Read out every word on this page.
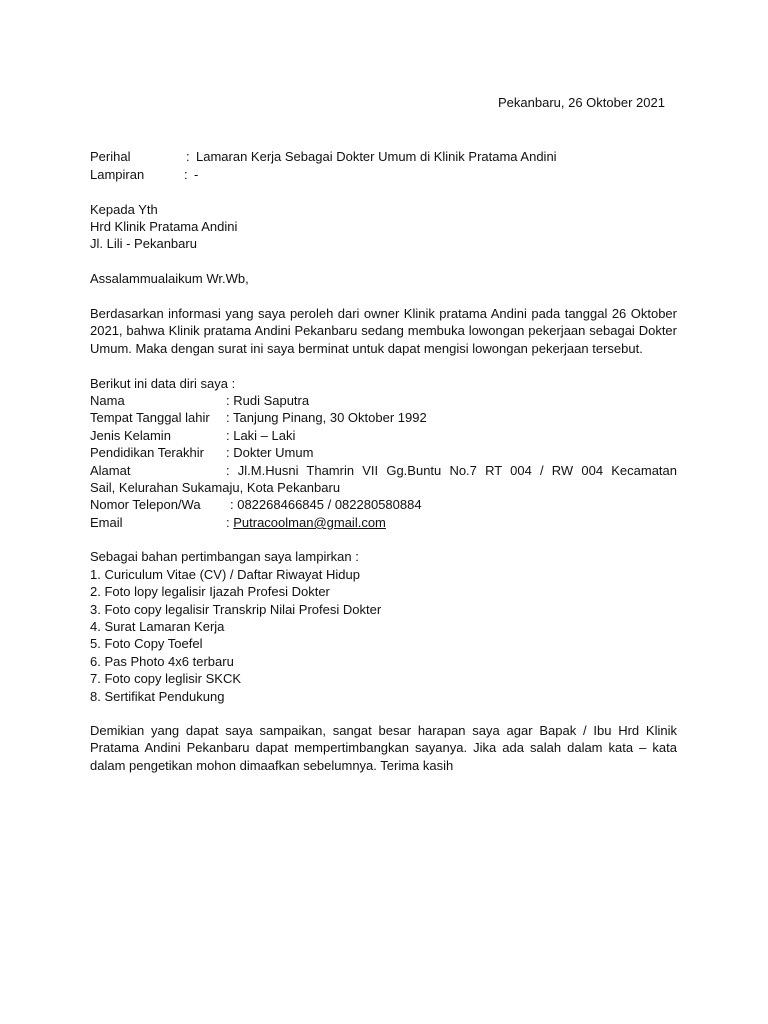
Pekanbaru, 26 Oktober 2021
Perihal	: Lamaran Kerja Sebagai Dokter Umum di Klinik Pratama Andini
Lampiran	: -
Kepada Yth
Hrd Klinik Pratama Andini
Jl. Lili - Pekanbaru
Assalammualaikum Wr.Wb,
Berdasarkan informasi yang saya peroleh dari owner Klinik pratama Andini pada tanggal 26 Oktober 2021, bahwa Klinik pratama Andini Pekanbaru sedang membuka lowongan pekerjaan sebagai Dokter Umum. Maka dengan surat ini saya berminat untuk dapat mengisi lowongan pekerjaan tersebut.
Berikut ini data diri saya :
Nama	: Rudi Saputra
Tempat Tanggal lahir : Tanjung Pinang, 30 Oktober 1992
Jenis Kelamin	: Laki – Laki
Pendidikan Terakhir : Dokter Umum
Alamat	: Jl.M.Husni Thamrin VII Gg.Buntu No.7 RT 004 / RW 004 Kecamatan
Sail, Kelurahan Sukamaju, Kota Pekanbaru
Nomor Telepon/Wa : 082268466845 / 082280580884
Email	: Putracoolman@gmail.com
Sebagai bahan pertimbangan saya lampirkan :
1. Curiculum Vitae (CV) / Daftar Riwayat Hidup
2. Foto lopy legalisir Ijazah Profesi Dokter
3. Foto copy legalisir Transkrip Nilai Profesi Dokter
4. Surat Lamaran Kerja
5. Foto Copy Toefel
6. Pas Photo 4x6 terbaru
7. Foto copy leglisir SKCK
8. Sertifikat Pendukung
Demikian yang dapat saya sampaikan, sangat besar harapan saya agar Bapak / Ibu Hrd Klinik Pratama Andini Pekanbaru dapat mempertimbangkan sayanya. Jika ada salah dalam kata – kata dalam pengetikan mohon dimaafkan sebelumnya. Terima kasih
